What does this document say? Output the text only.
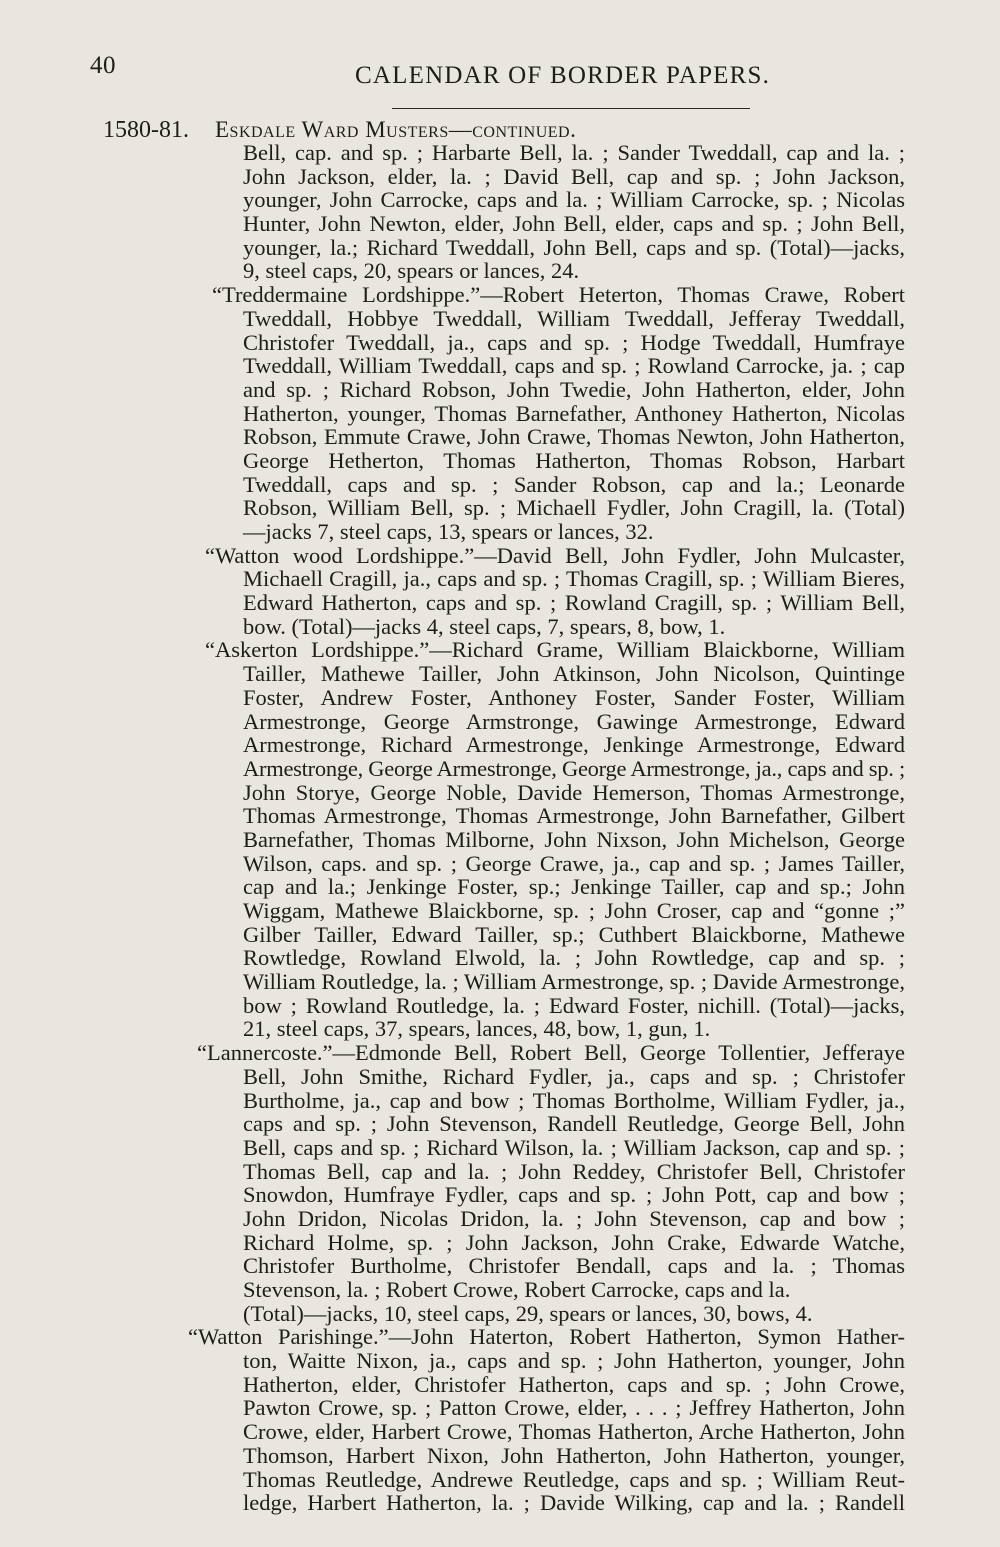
40	CALENDAR OF BORDER PAPERS.
1580-81. Eskdale Ward Musters—continued.
Bell, cap. and sp. ; Harbarte Bell, la. ; Sander Tweddall, cap and la. ;
John Jackson, elder, la. ; David Bell, cap and sp. ; John Jackson,
younger, John Carrocke, caps and la. ; William Carrocke, sp. ; Nicolas
Hunter, John Newton, elder, John Bell, elder, caps and sp. ; John Bell,
younger, la.; Richard Tweddall, John Bell, caps and sp. (Total)—jacks,
9, steel caps, 20, spears or lances, 24.
“Treddermaine Lordshippe.”—Robert Heterton, Thomas Crawe, Robert
Tweddall, Hobbye Tweddall, William Tweddall, Jefferay Tweddall,
Christofer Tweddall, ja., caps and sp. ; Hodge Tweddall, Humfraye
Tweddall, William Tweddall, caps and sp. ; Rowland Carrocke, ja. ; cap
and sp. ; Richard Robson, John Twedie, John Hatherton, elder, John
Hatherton, younger, Thomas Barnefather, Anthoney Hatherton, Nicolas
Robson, Emmute Crawe, John Crawe, Thomas Newton, John Hatherton,
George Hetherton, Thomas Hatherton, Thomas Robson, Harbart
Tweddall, caps and sp. ; Sander Robson, cap and la.; Leonarde
Robson, William Bell, sp. ; Michaell Fydler, John Cragill, la. (Total)
—jacks 7, steel caps, 13, spears or lances, 32.
“Watton wood Lordshippe.”—David Bell, John Fydler, John Mulcaster,
Michaell Cragill, ja., caps and sp. ; Thomas Cragill, sp. ; William Bieres,
Edward Hatherton, caps and sp. ; Rowland Cragill, sp. ; William Bell,
bow. (Total)—jacks 4, steel caps, 7, spears, 8, bow, 1.
“Askerton Lordshippe.”—Richard Grame, William Blaickborne, William
Tailler, Mathewe Tailler, John Atkinson, John Nicolson, Quintinge
Foster, Andrew Foster, Anthoney Foster, Sander Foster, William
Armestronge, George Armstronge, Gawinge Armestronge, Edward
Armestronge, Richard Armestronge, Jenkinge Armestronge, Edward
Armestronge, George Armestronge, George Armestronge, ja., caps and sp. ;
John Storye, George Noble, Davide Hemerson, Thomas Armestronge,
Thomas Armestronge, Thomas Armestronge, John Barnefather, Gilbert
Barnefather, Thomas Milborne, John Nixson, John Michelson, George
Wilson, caps. and sp. ; George Crawe, ja., cap and sp. ; James Tailler,
cap and la.; Jenkinge Foster, sp.; Jenkinge Tailler, cap and sp.; John
Wiggam, Mathewe Blaickborne, sp. ; John Croser, cap and “gonne ;”
Gilber Tailler, Edward Tailler, sp.; Cuthbert Blaickborne, Mathewe
Rowtledge, Rowland Elwold, la. ; John Rowtledge, cap and sp. ;
William Routledge, la. ; William Armestronge, sp. ; Davide Armestronge,
bow ; Rowland Routledge, la. ; Edward Foster, nichill. (Total)—jacks,
21, steel caps, 37, spears, lances, 48, bow, 1, gun, 1.
“Lannercoste.”—Edmonde Bell, Robert Bell, George Tollentier, Jefferaye
Bell, John Smithe, Richard Fydler, ja., caps and sp. ; Christofer
Burtholme, ja., cap and bow ; Thomas Bortholme, William Fydler, ja.,
caps and sp. ; John Stevenson, Randell Reutledge, George Bell, John
Bell, caps and sp. ; Richard Wilson, la. ; William Jackson, cap and sp. ;
Thomas Bell, cap and la. ; John Reddey, Christofer Bell, Christofer
Snowdon, Humfraye Fydler, caps and sp. ; John Pott, cap and bow ;
John Dridon, Nicolas Dridon, la. ; John Stevenson, cap and bow ;
Richard Holme, sp. ; John Jackson, John Crake, Edwarde Watche,
Christofer Burtholme, Christofer Bendall, caps and la. ; Thomas
Stevenson, la. ; Robert Crowe, Robert Carrocke, caps and la.
(Total)—jacks, 10, steel caps, 29, spears or lances, 30, bows, 4.
“Watton Parishinge.”—John Haterton, Robert Hatherton, Symon Hather-
ton, Waitte Nixon, ja., caps and sp. ; John Hatherton, younger, John
Hatherton, elder, Christofer Hatherton, caps and sp. ; John Crowe,
Pawton Crowe, sp. ; Patton Crowe, elder, . . . ; Jeffrey Hatherton, John
Crowe, elder, Harbert Crowe, Thomas Hatherton, Arche Hatherton, John
Thomson, Harbert Nixon, John Hatherton, John Hatherton, younger,
Thomas Reutledge, Andrewe Reutledge, caps and sp. ; William Reut-
ledge, Harbert Hatherton, la. ; Davide Wilking, cap and la. ; Randell
